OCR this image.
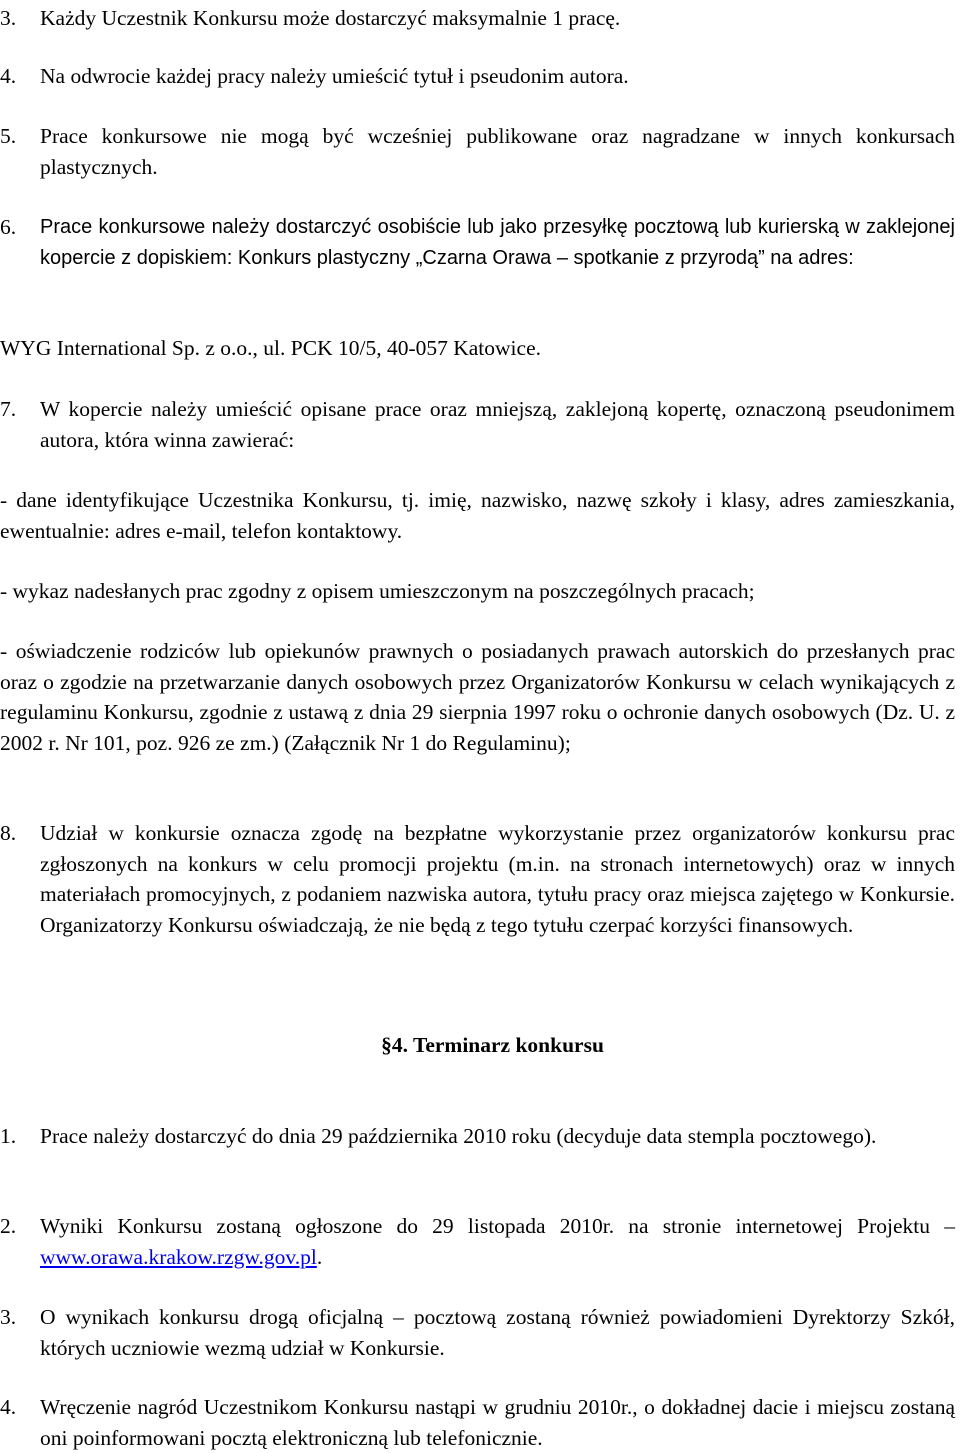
3.	Każdy Uczestnik Konkursu może dostarczyć maksymalnie 1 pracę.
4.	Na odwrocie każdej pracy należy umieścić tytuł i pseudonim autora.
5.	Prace konkursowe nie mogą być wcześniej publikowane oraz nagradzane w innych konkursach plastycznych.
6.	Prace konkursowe należy dostarczyć osobiście lub jako przesyłkę pocztową lub kurierską w zaklejonej kopercie z dopiskiem: Konkurs plastyczny „Czarna Orawa – spotkanie z przyrodą” na adres:
WYG International Sp. z o.o., ul. PCK 10/5, 40-057 Katowice.
7.	W kopercie należy umieścić opisane prace oraz mniejszą, zaklejoną kopertę, oznaczoną pseudonimem autora, która winna zawierać:
- dane identyfikujące Uczestnika Konkursu, tj. imię, nazwisko, nazwę szkoły i klasy, adres zamieszkania, ewentualnie: adres e-mail, telefon kontaktowy.
- wykaz nadesłanych prac zgodny z opisem umieszczonym na poszczególnych pracach;
- oświadczenie rodziców lub opiekunów prawnych o posiadanych prawach autorskich do przesłanych prac oraz o zgodzie na przetwarzanie danych osobowych przez Organizatorów Konkursu w celach wynikających z regulaminu Konkursu, zgodnie z ustawą z dnia 29 sierpnia 1997 roku o ochronie danych osobowych (Dz. U. z 2002 r. Nr 101, poz. 926 ze zm.) (Załącznik Nr 1 do Regulaminu);
8.	Udział w konkursie oznacza zgodę na bezpłatne wykorzystanie przez organizatorów konkursu prac zgłoszonych na konkurs w celu promocji projektu (m.in. na stronach internetowych) oraz w innych materiałach promocyjnych, z podaniem nazwiska autora, tytułu pracy oraz miejsca zajętego w Konkursie. Organizatorzy Konkursu oświadczają, że nie będą z tego tytułu czerpać korzyści finansowych.
§4. Terminarz konkursu
1.	Prace należy dostarczyć do dnia 29 października 2010 roku (decyduje data stempla pocztowego).
2.	Wyniki Konkursu zostaną ogłoszone do 29 listopada 2010r. na stronie internetowej Projektu – www.orawa.krakow.rzgw.gov.pl.
3.	O wynikach konkursu drogą oficjalną – pocztową zostaną również powiadomieni Dyrektorzy Szkół, których uczniowie wezmą udział w Konkursie.
4.	Wręczenie nagród Uczestnikom Konkursu nastąpi w grudniu 2010r., o dokładnej dacie i miejscu zostaną oni poinformowani pocztą elektroniczną lub telefonicznie.
